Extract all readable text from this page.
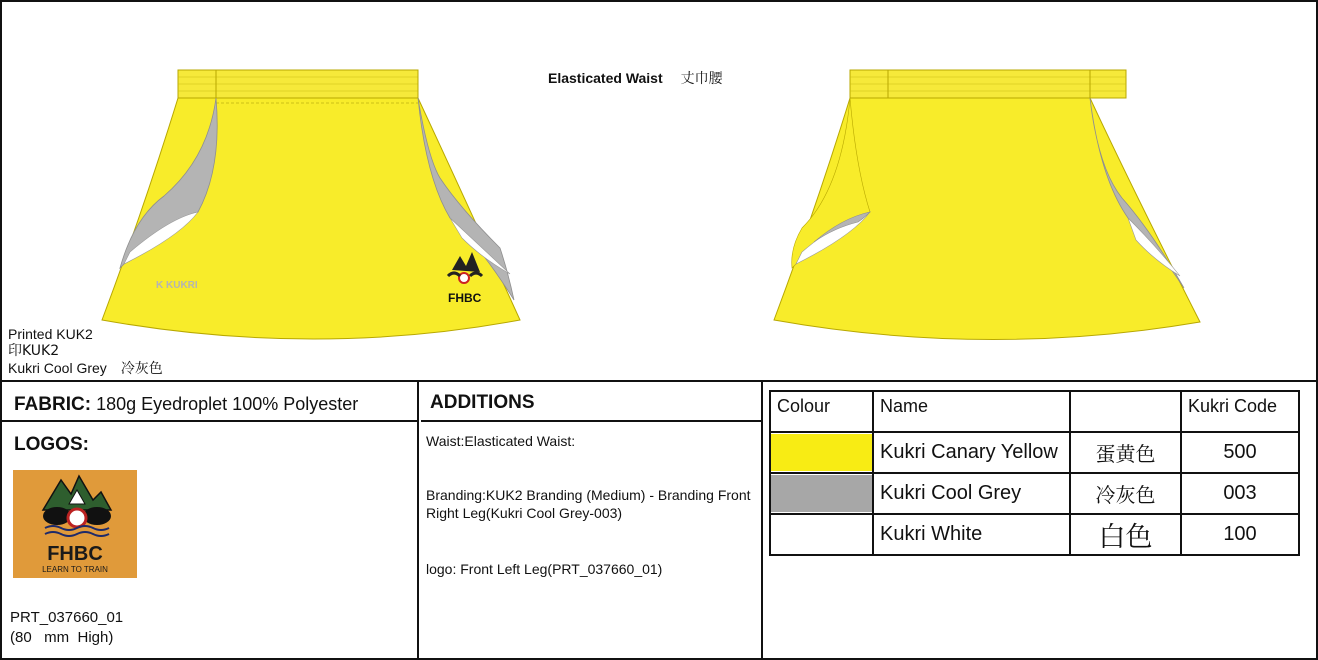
K KUKRI
FHBC
Elasticated Waist 丈巾腰
Printed KUK2
印KUK2
Kukri Cool Grey 冷灰色
FABRIC: 180g Eyedroplet 100% Polyester
LOGOS:
FHBC
LEARN TO TRAIN
PRT_037660_01
(80   mm  High)
ADDITIONS

Waist:Elasticated Waist:

Branding:KUK2 Branding (Medium) - Branding Front Right Leg(Kukri Cool Grey-003)

logo: Front Left Leg(PRT_037660_01)

Colour	Name		Kukri Code

	Kukri Canary Yellow	蛋黄色	500

	Kukri Cool Grey	冷灰色	003

	Kukri White	白色	100
